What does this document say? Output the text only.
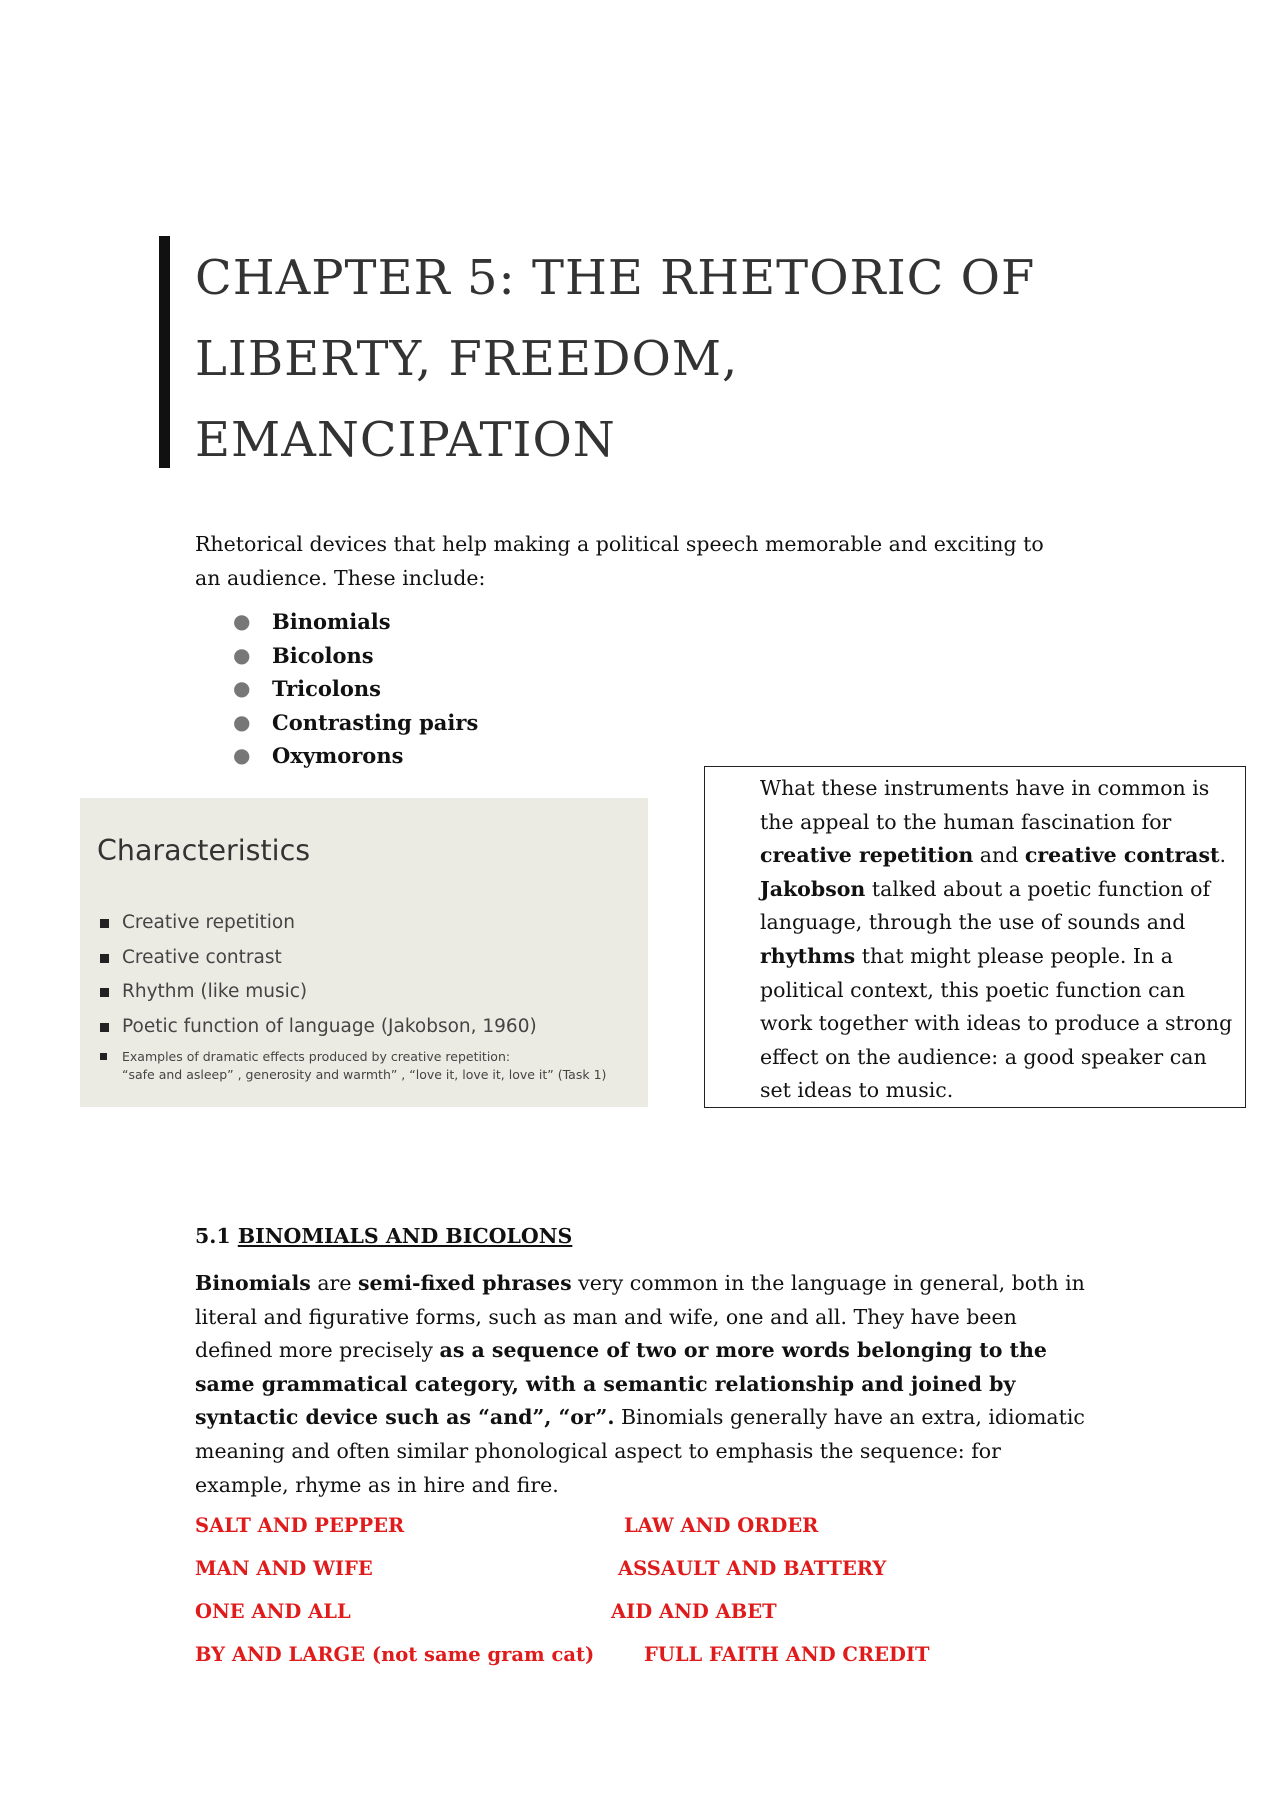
CHAPTER 5: THE RHETORIC OF
LIBERTY, FREEDOM,
EMANCIPATION

Rhetorical devices that help making a political speech memorable and exciting to an audience. These include:

● Binomials
● Bicolons
● Tricolons
● Contrasting pairs
● Oxymorons
Characteristics
Creative repetition
Creative contrast
Rhythm (like music)
Poetic function of language (Jakobson, 1960)
Examples of dramatic effects produced by creative repetition:
“safe and asleep” , generosity and warmth” , “love it, love it, love it” (Task 1)

What these instruments have in common is the appeal to the human fascination for creative repetition and creative contrast. Jakobson talked about a poetic function of language, through the use of sounds and rhythms that might please people. In a political context, this poetic function can work together with ideas to produce a strong effect on the audience: a good speaker can set ideas to music.

5.1 BINOMIALS AND BICOLONS

Binomials are semi-fixed phrases very common in the language in general, both in literal and figurative forms, such as man and wife, one and all. They have been defined more precisely as a sequence of two or more words belonging to the same grammatical category, with a semantic relationship and joined by syntactic device such as “and”, “or”. Binomials generally have an extra, idiomatic meaning and often similar phonological aspect to emphasis the sequence: for example, rhyme as in hire and fire.

SALT AND PEPPER
MAN AND WIFE
ONE AND ALL
BY AND LARGE (not same gram cat)
LAW AND ORDER
ASSAULT AND BATTERY
AID AND ABET
FULL FAITH AND CREDIT
